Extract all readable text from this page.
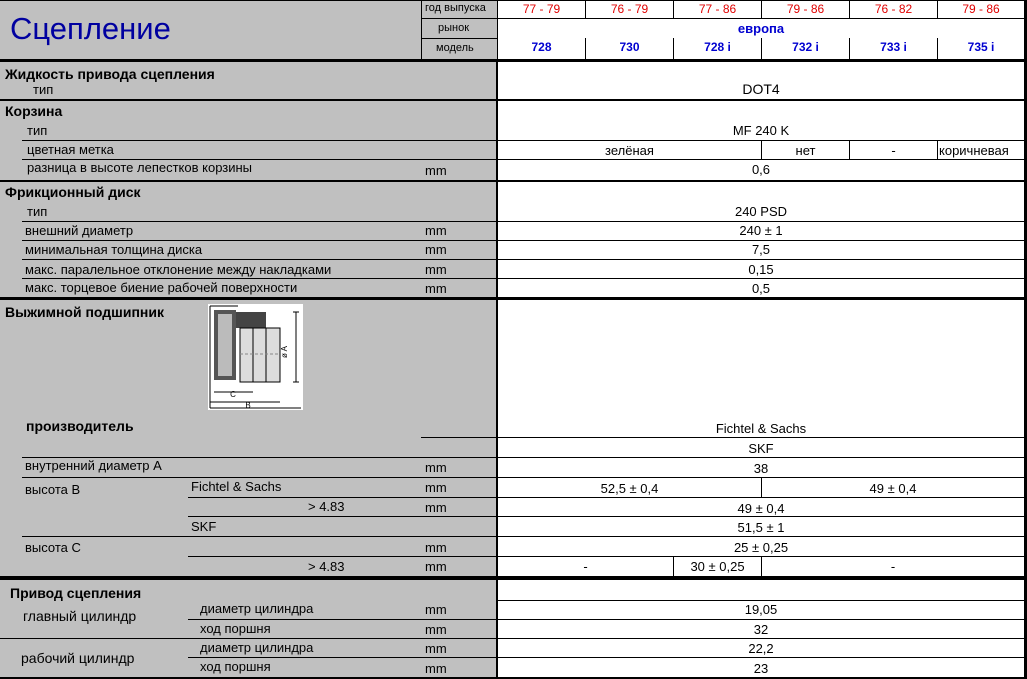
Сцепление
год выпуска
рынок
модель
77 - 79	76 - 79	77 - 86	79 - 86	76 - 82	79 - 86
европа
728	730	728 i	732 i	733 i	735 i
Жидкость привода сцепления
тип	DOT4
Корзина
тип	MF 240 K
цветная метка	зелёная	нет	-	коричневая
разница в высоте лепестков корзины	mm	0,6
Фрикционный диск
тип	240 PSD
внешний диаметр	mm	240 ± 1
минимальная толщина диска	mm	7,5
макс. паралельное отклонение между накладками	mm	0,15
макс. торцевое биение рабочей поверхности	mm	0,5
Выжимной подшипник
ø A
C
B
производитель	Fichtel & Sachs
SKF
внутренний диаметр A	mm	38
высота B	Fichtel & Sachs	mm	52,5 ± 0,4	49 ± 0,4
> 4.83	mm	49 ± 0,4
SKF	51,5 ± 1
высота C	mm	25 ± 0,25
> 4.83	mm	-	30 ± 0,25	-
Привод сцепления
главный цилиндр	диаметр цилиндра	mm	19,05
ход поршня	mm	32
рабочий цилиндр
диаметр цилиндра	mm	22,2
ход поршня	mm	23
